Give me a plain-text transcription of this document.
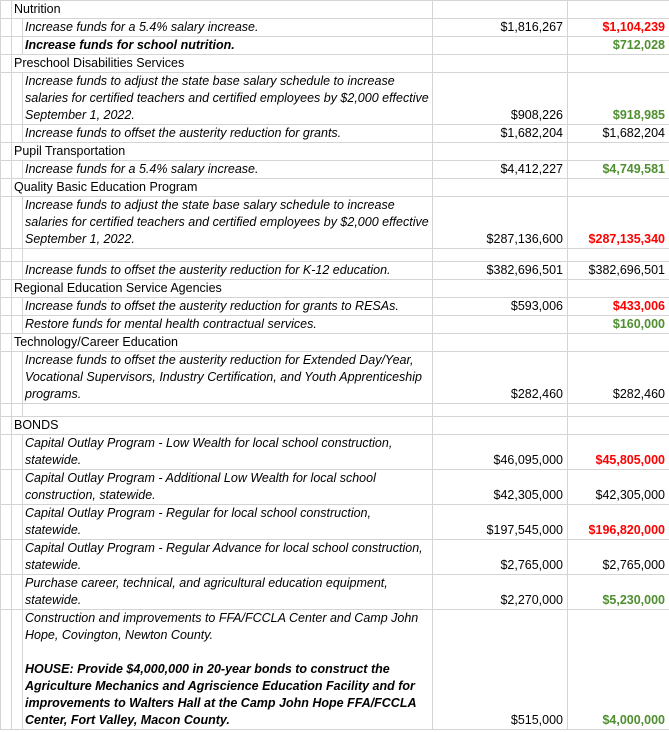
	Nutrition			
		Increase funds for a 5.4% salary increase.	$1,816,267	$1,104,239
		Increase funds for school nutrition.		$712,028
	Preschool Disabilities Services			
		Increase funds to adjust the state base salary schedule to increase salaries for certified teachers and certified employees by $2,000 effective September 1, 2022.	$908,226	$918,985
		Increase funds to offset the austerity reduction for grants.	$1,682,204	$1,682,204
	Pupil Transportation			
		Increase funds for a 5.4% salary increase.	$4,412,227	$4,749,581
	Quality Basic Education Program			
		Increase funds to adjust the state base salary schedule to increase salaries for certified teachers and certified employees by $2,000 effective September 1, 2022.	$287,136,600	$287,135,340

		Increase funds to offset the austerity reduction for K-12 education.	$382,696,501	$382,696,501
	Regional Education Service Agencies			
		Increase funds to offset the austerity reduction for grants to RESAs.	$593,006	$433,006
		Restore funds for mental health contractual services.		$160,000
	Technology/Career Education			
		Increase funds to offset the austerity reduction for Extended Day/Year, Vocational Supervisors, Industry Certification, and Youth Apprenticeship programs.	$282,460	$282,460

	BONDS			
		Capital Outlay Program - Low Wealth for local school construction, statewide.	$46,095,000	$45,805,000
		Capital Outlay Program - Additional Low Wealth for local school construction, statewide.	$42,305,000	$42,305,000
		Capital Outlay Program - Regular for local school construction, statewide.	$197,545,000	$196,820,000
		Capital Outlay Program - Regular Advance for local school construction, statewide.	$2,765,000	$2,765,000
		Purchase career, technical, and agricultural education equipment, statewide.	$2,270,000	$5,230,000
		Construction and improvements to FFA/FCCLA Center and Camp John Hope, Covington, Newton County.
HOUSE: Provide $4,000,000 in 20-year bonds to construct the Agriculture Mechanics and Agriscience Education Facility and for improvements to Walters Hall at the Camp John Hope FFA/FCCLA Center, Fort Valley, Macon County.	$515,000	$4,000,000
